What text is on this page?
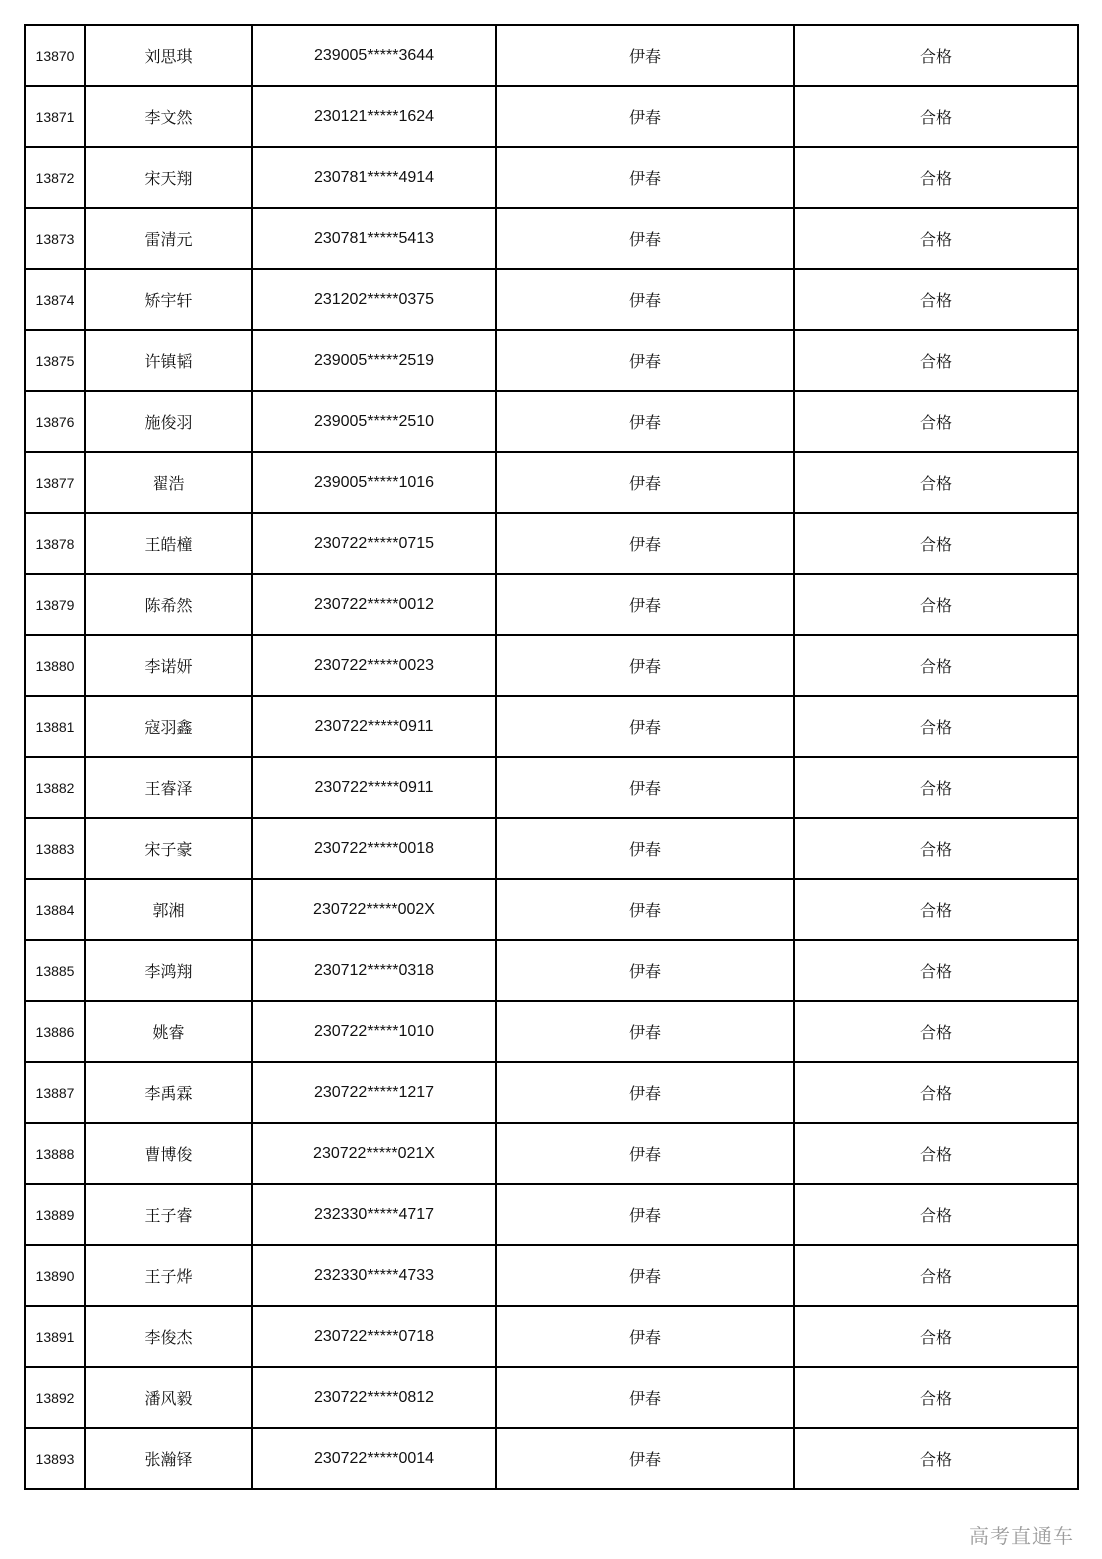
13870	刘思琪	239005*****3644	伊春	合格
13871	李文然	230121*****1624	伊春	合格
13872	宋天翔	230781*****4914	伊春	合格
13873	雷清元	230781*****5413	伊春	合格
13874	矫宇轩	231202*****0375	伊春	合格
13875	许镇韬	239005*****2519	伊春	合格
13876	施俊羽	239005*****2510	伊春	合格
13877	翟浩	239005*****1016	伊春	合格
13878	王皓橦	230722*****0715	伊春	合格
13879	陈希然	230722*****0012	伊春	合格
13880	李诺妍	230722*****0023	伊春	合格
13881	寇羽鑫	230722*****0911	伊春	合格
13882	王睿泽	230722*****0911	伊春	合格
13883	宋子豪	230722*****0018	伊春	合格
13884	郭湘	230722*****002X	伊春	合格
13885	李鸿翔	230712*****0318	伊春	合格
13886	姚睿	230722*****1010	伊春	合格
13887	李禹霖	230722*****1217	伊春	合格
13888	曹博俊	230722*****021X	伊春	合格
13889	王子睿	232330*****4717	伊春	合格
13890	王子烨	232330*****4733	伊春	合格
13891	李俊杰	230722*****0718	伊春	合格
13892	潘风毅	230722*****0812	伊春	合格
13893	张瀚铎	230722*****0014	伊春	合格
高考直通车
